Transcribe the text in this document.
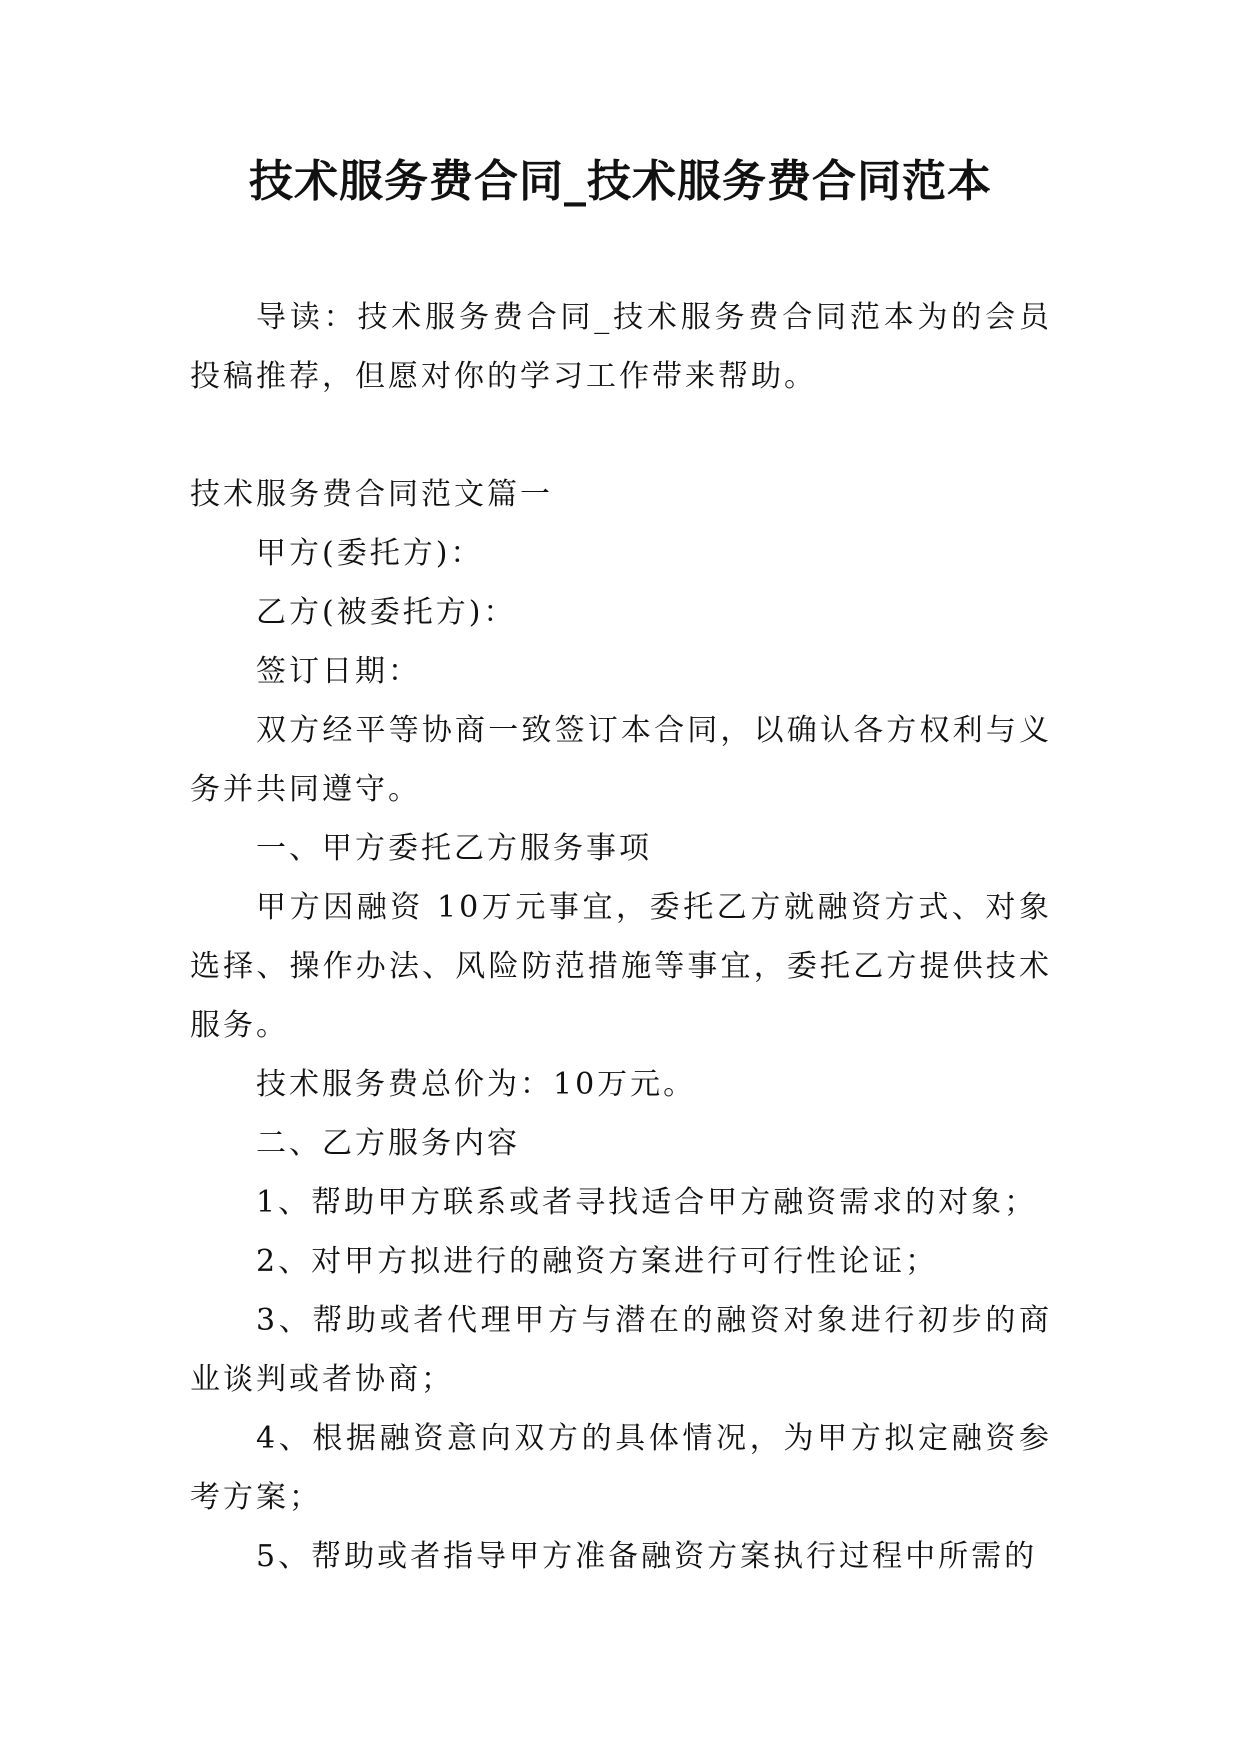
技术服务费合同_技术服务费合同范本

导读：技术服务费合同_技术服务费合同范本为的会员投稿推荐，但愿对你的学习工作带来帮助。

技术服务费合同范文篇一

甲方(委托方)：

乙方(被委托方)：

签订日期：

双方经平等协商一致签订本合同，以确认各方权利与义务并共同遵守。

一、甲方委托乙方服务事项

甲方因融资 10万元事宜，委托乙方就融资方式、对象选择、操作办法、风险防范措施等事宜，委托乙方提供技术服务。

技术服务费总价为：10万元。

二、乙方服务内容

1、帮助甲方联系或者寻找适合甲方融资需求的对象；

2、对甲方拟进行的融资方案进行可行性论证；

3、帮助或者代理甲方与潜在的融资对象进行初步的商业谈判或者协商；

4、根据融资意向双方的具体情况，为甲方拟定融资参考方案；

5、帮助或者指导甲方准备融资方案执行过程中所需的
